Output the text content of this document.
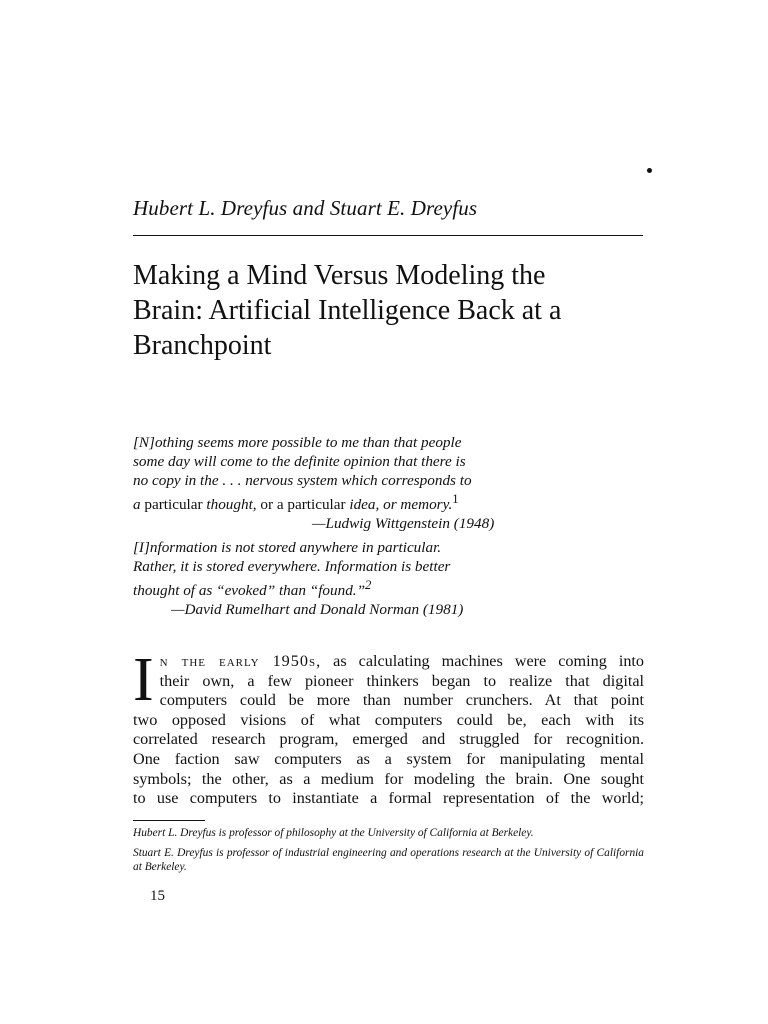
Hubert L. Dreyfus and Stuart E. Dreyfus
Making a Mind Versus Modeling the
Brain: Artificial Intelligence Back at a
Branchpoint
[N]othing seems more possible to me than that people
some day will come to the definite opinion that there is
no copy in the . . . nervous system which corresponds to
a particular thought, or a particular idea, or memory.$^1$
—Ludwig Wittgenstein (1948)
[I]nformation is not stored anywhere in particular.
Rather, it is stored everywhere. Information is better
thought of as “evoked” than “found.”$^2$
—David Rumelhart and Donald Norman (1981)
I n the early 1950s, as calculating machines were coming into
their own, a few pioneer thinkers began to realize that digital
computers could be more than number crunchers. At that point
two opposed visions of what computers could be, each with its
correlated research program, emerged and struggled for recognition.
One faction saw computers as a system for manipulating mental
symbols; the other, as a medium for modeling the brain. One sought
to use computers to instantiate a formal representation of the world;

Hubert L. Dreyfus is professor of philosophy at the University of California at Berkeley.

Stuart E. Dreyfus is professor of industrial engineering and operations research at the University of California at Berkeley.

15
